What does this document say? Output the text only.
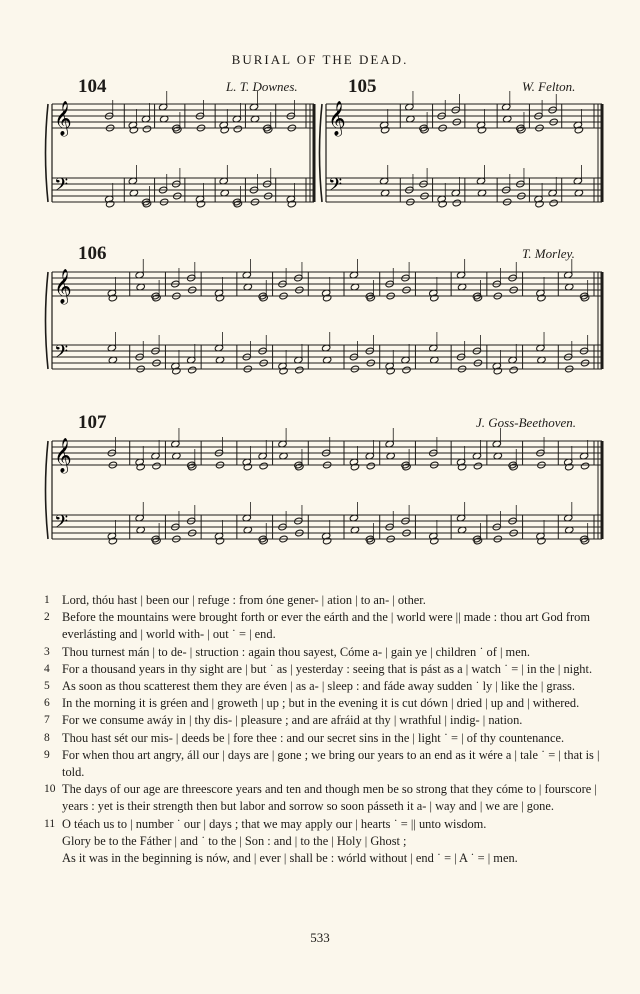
BURIAL OF THE DEAD.
104	L. T. Downes.	105	W. Felton.
106	T. Morley.
107	J. Goss-Beethoven.
𝄞
𝄢
𝄞
𝄢
𝄞
𝄢
𝄞
𝄢
1 Lord, thóu hast | been our | refuge : from óne gener- | ation | to an- | other.
2 Before the mountains were brought forth or ever the eárth and the | world were || made : thou art God from everlásting and | world with- | out ˙ = | end.
3 Thou turnest mán | to de- | struction : again thou sayest, Cóme a- | gain ye | children ˙ of | men.
4 For a thousand years in thy sight are | but ˙ as | yesterday : seeing that is pást as a | watch ˙ = | in the | night.
5 As soon as thou scatterest them they are éven | as a- | sleep : and fáde away sudden ˙ ly | like the | grass.
6 In the morning it is gréen and | groweth | up ; but in the evening it is cut dówn | dried | up and | withered.
7 For we consume awáy in | thy dis- | pleasure ; and are afráid at thy | wrathful | indig- | nation.
8 Thou hast sét our mis- | deeds be | fore thee : and our secret sins in the | light ˙ = | of thy countenance.
9 For when thou art angry, áll our | days are | gone ; we bring our years to an end as it wére a | tale ˙ = | that is | told.
10 The days of our age are threescore years and ten and though men be so strong that they cóme to | fourscore | years : yet is their strength then but labor and sorrow so soon pásseth it a- | way and | we are | gone.
11 O téach us to | number ˙ our | days ; that we may apply our | hearts ˙ = || unto wisdom.
Glory be to the Fáther | and ˙ to the | Son : and | to the | Holy | Ghost ;
As it was in the beginning is nów, and | ever | shall be : wórld without | end ˙ = | A ˙ = | men.
533
